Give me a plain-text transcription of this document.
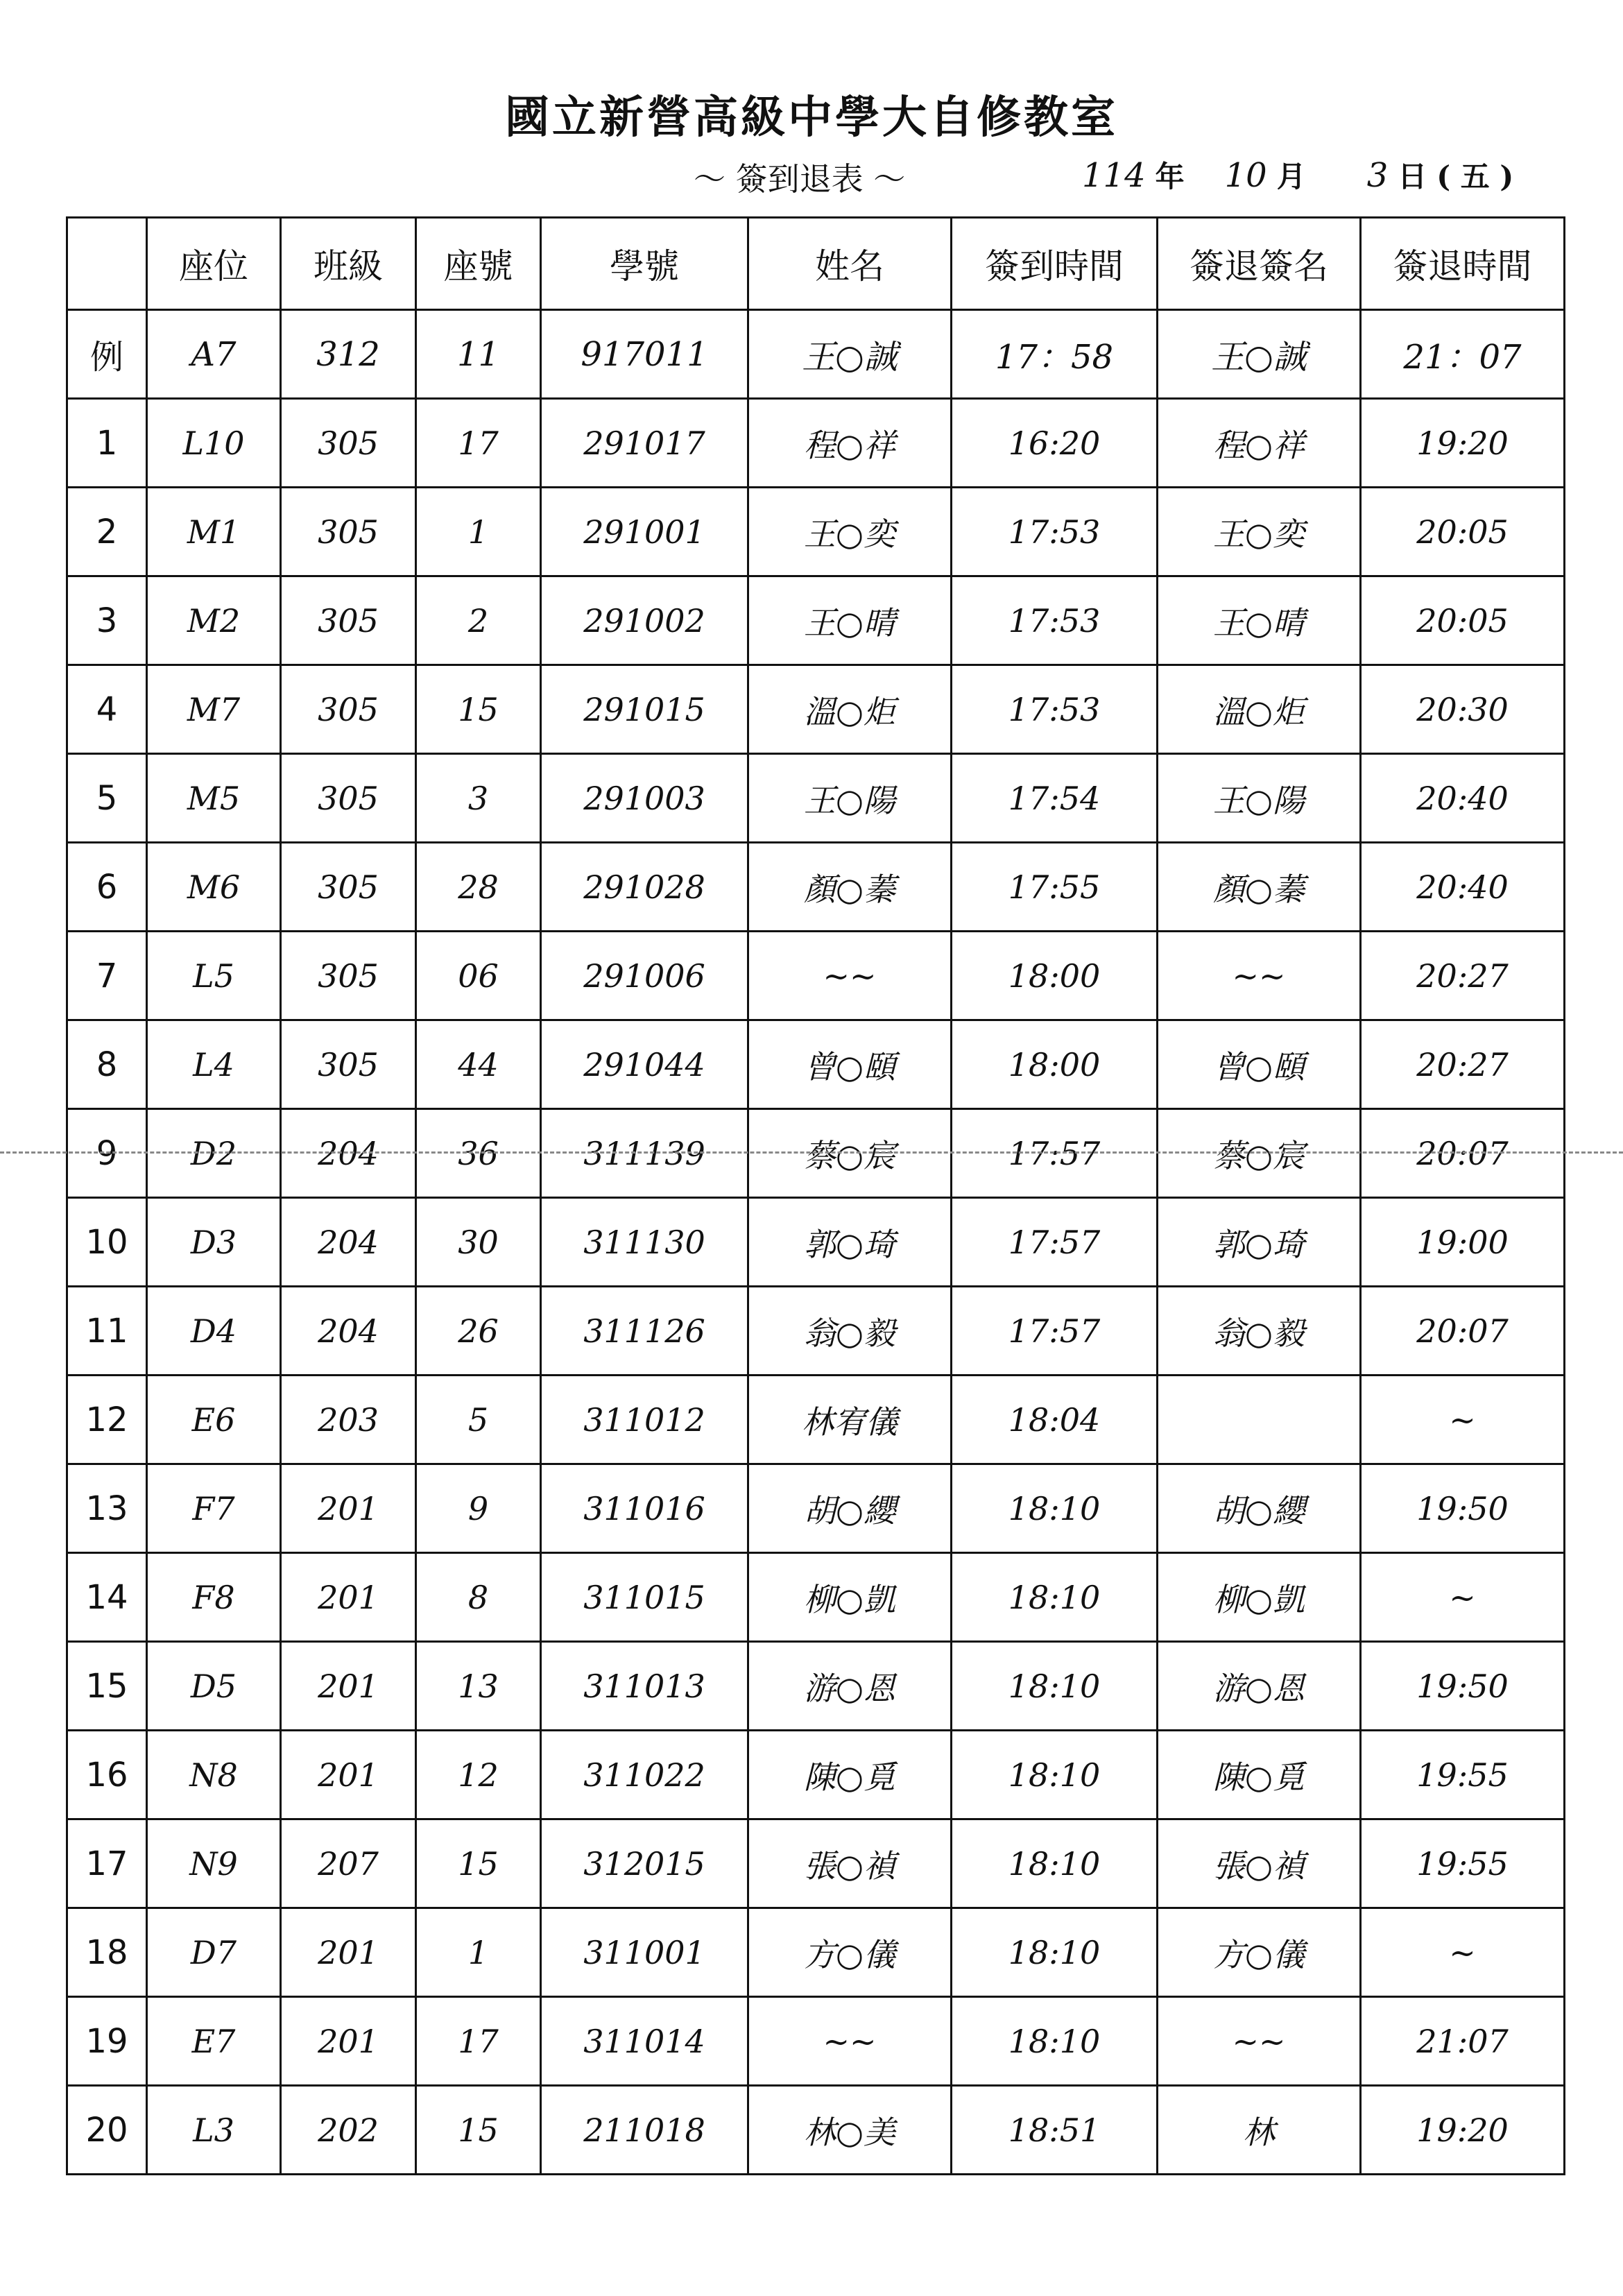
國立新營高級中學大自修教室
～ 簽到退表 ～	114 年 10 月 3 日 ( 五 )
	座位	班級	座號	學號	姓名	簽到時間	簽退簽名	簽退時間
例	A7	312	11	917011	王○誠	17：58	王○誠	21：07
1	L10	305	17	291017	程○祥	16:20	程○祥	19:20
2	M1	305	1	291001	王○奕	17:53	王○奕	20:05
3	M2	305	2	291002	王○晴	17:53	王○晴	20:05
4	M7	305	15	291015	溫○炬	17:53	溫○炬	20:30
5	M5	305	3	291003	王○陽	17:54	王○陽	20:40
6	M6	305	28	291028	顏○蓁	17:55	顏○蓁	20:40
7	L5	305	06	291006	~~	18:00	~~	20:27
8	L4	305	44	291044	曾○頤	18:00	曾○頤	20:27
9	D2	204	36	311139	蔡○宸	17:57	蔡○宸	20:07
10	D3	204	30	311130	郭○琦	17:57	郭○琦	19:00
11	D4	204	26	311126	翁○毅	17:57	翁○毅	20:07
12	E6	203	5	311012	林宥儀	18:04		~
13	F7	201	9	311016	胡○纓	18:10	胡○纓	19:50
14	F8	201	8	311015	柳○凱	18:10	柳○凱	~
15	D5	201	13	311013	游○恩	18:10	游○恩	19:50
16	N8	201	12	311022	陳○覓	18:10	陳○覓	19:55
17	N9	207	15	312015	張○禎	18:10	張○禎	19:55
18	D7	201	1	311001	方○儀	18:10	方○儀	~
19	E7	201	17	311014	~~	18:10	~~	21:07
20	L3	202	15	211018	林○美	18:51	林	19:20
